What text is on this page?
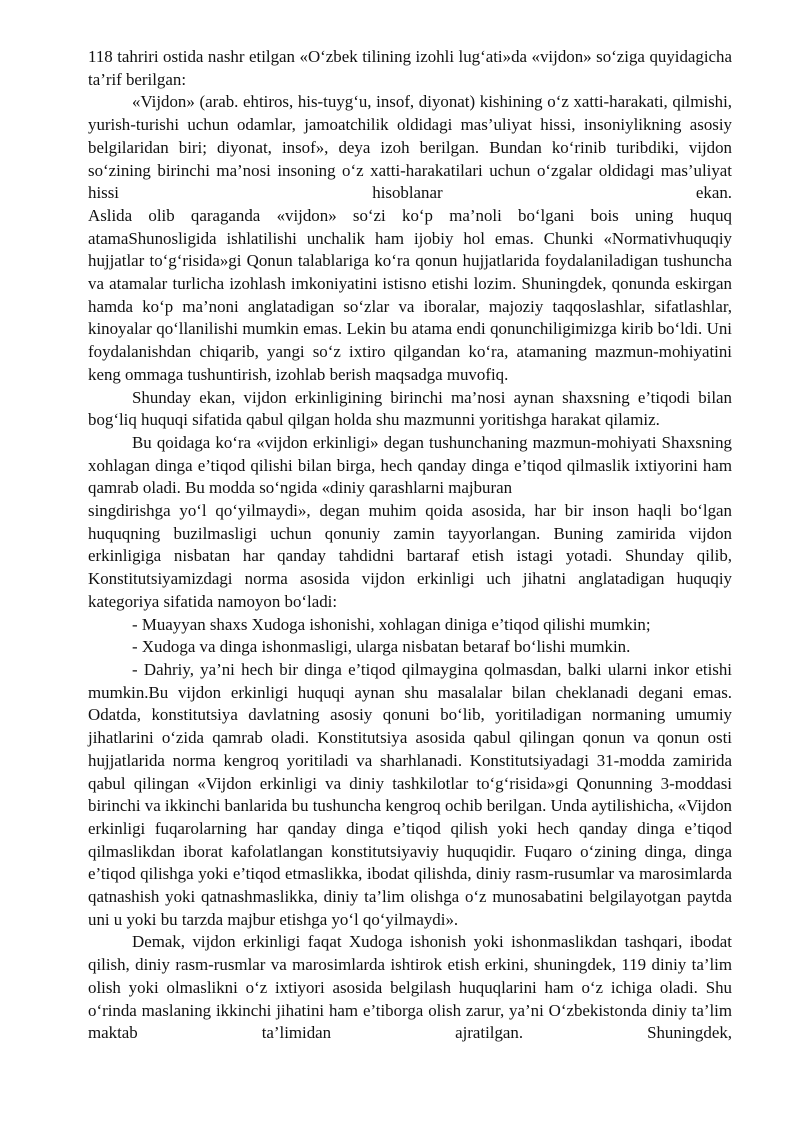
118 tahriri ostida nashr etilgan «O‘zbek tilining izohli lug‘ati»da «vijdon» so‘ziga quyidagicha ta’rif berilgan:

«Vijdon» (arab. ehtiros, his-tuyg‘u, insof, diyonat) kishining o‘z xatti-harakati, qilmishi, yurish-turishi uchun odamlar, jamoatchilik oldidagi mas’uliyat hissi, insoniylikning asosiy belgilaridan biri; diyonat, insof», deya izoh berilgan. Bundan ko‘rinib turibdiki, vijdon so‘zining birinchi ma’nosi insoning o‘z xatti-harakatilari uchun o‘zgalar oldidagi mas’uliyat hissi hisoblanar ekan.

Aslida olib qaraganda «vijdon» so‘zi ko‘p ma’noli bo‘lgani bois uning huquq atamaShunosligida ishlatilishi unchalik ham ijobiy hol emas. Chunki «Normativhuquqiy hujjatlar to‘g‘risida»gi Qonun talablariga ko‘ra qonun hujjatlarida foydalaniladigan tushuncha va atamalar turlicha izohlash imkoniyatini istisno etishi lozim. Shuningdek, qonunda eskirgan hamda ko‘p ma’noni anglatadigan so‘zlar va iboralar, majoziy taqqoslashlar, sifatlashlar, kinoyalar qo‘llanilishi mumkin emas. Lekin bu atama endi qonunchiligimizga kirib bo‘ldi. Uni foydalanishdan chiqarib, yangi so‘z ixtiro qilgandan ko‘ra, atamaning mazmun-mohiyatini keng ommaga tushuntirish, izohlab berish maqsadga muvofiq.

Shunday ekan, vijdon erkinligining birinchi ma’nosi aynan shaxsning e’tiqodi bilan bog‘liq huquqi sifatida qabul qilgan holda shu mazmunni yoritishga harakat qilamiz.

Bu qoidaga ko‘ra «vijdon erkinligi» degan tushunchaning mazmun-mohiyati Shaxsning xohlagan dinga e’tiqod qilishi bilan birga, hech qanday dinga e’tiqod qilmaslik ixtiyorini ham qamrab oladi. Bu modda so‘ngida «diniy qarashlarni majburan

singdirishga yo‘l qo‘yilmaydi», degan muhim qoida asosida, har bir inson haqli bo‘lgan huquqning buzilmasligi uchun qonuniy zamin tayyorlangan. Buning zamirida vijdon erkinligiga nisbatan har qanday tahdidni bartaraf etish istagi yotadi. Shunday qilib, Konstitutsiyamizdagi norma asosida vijdon erkinligi uch jihatni anglatadigan huquqiy kategoriya sifatida namoyon bo‘ladi:

- Muayyan shaxs Xudoga ishonishi, xohlagan diniga e’tiqod qilishi mumkin;

- Xudoga va dinga ishonmasligi, ularga nisbatan betaraf bo‘lishi mumkin.

- Dahriy, ya’ni hech bir dinga e’tiqod qilmaygina qolmasdan, balki ularni inkor etishi mumkin.Bu vijdon erkinligi huquqi aynan shu masalalar bilan cheklanadi degani emas. Odatda, konstitutsiya davlatning asosiy qonuni bo‘lib, yoritiladigan normaning umumiy jihatlarini o‘zida qamrab oladi. Konstitutsiya asosida qabul qilingan qonun va qonun osti hujjatlarida norma kengroq yoritiladi va sharhlanadi. Konstitutsiyadagi 31-modda zamirida qabul qilingan «Vijdon erkinligi va diniy tashkilotlar to‘g‘risida»gi Qonunning 3-moddasi birinchi va ikkinchi banlarida bu tushuncha kengroq ochib berilgan. Unda aytilishicha, «Vijdon erkinligi fuqarolarning har qanday dinga e’tiqod qilish yoki hech qanday dinga e’tiqod qilmaslikdan iborat kafolatlangan konstitutsiyaviy huquqidir. Fuqaro o‘zining dinga, dinga e’tiqod qilishga yoki e’tiqod etmaslikka, ibodat qilishda, diniy rasm-rusumlar va marosimlarda qatnashish yoki qatnashmaslikka, diniy ta’lim olishga o‘z munosabatini belgilayotgan paytda uni u yoki bu tarzda majbur etishga yo‘l qo‘yilmaydi».

Demak, vijdon erkinligi faqat Xudoga ishonish yoki ishonmaslikdan tashqari, ibodat qilish, diniy rasm-rusmlar va marosimlarda ishtirok etish erkini, shuningdek, 119 diniy ta’lim olish yoki olmaslikni o‘z ixtiyori asosida belgilash huquqlarini ham o‘z ichiga oladi. Shu o‘rinda maslaning ikkinchi jihatini ham e’tiborga olish zarur, ya’ni O‘zbekistonda diniy ta’lim maktab ta’limidan ajratilgan. Shuningdek,
